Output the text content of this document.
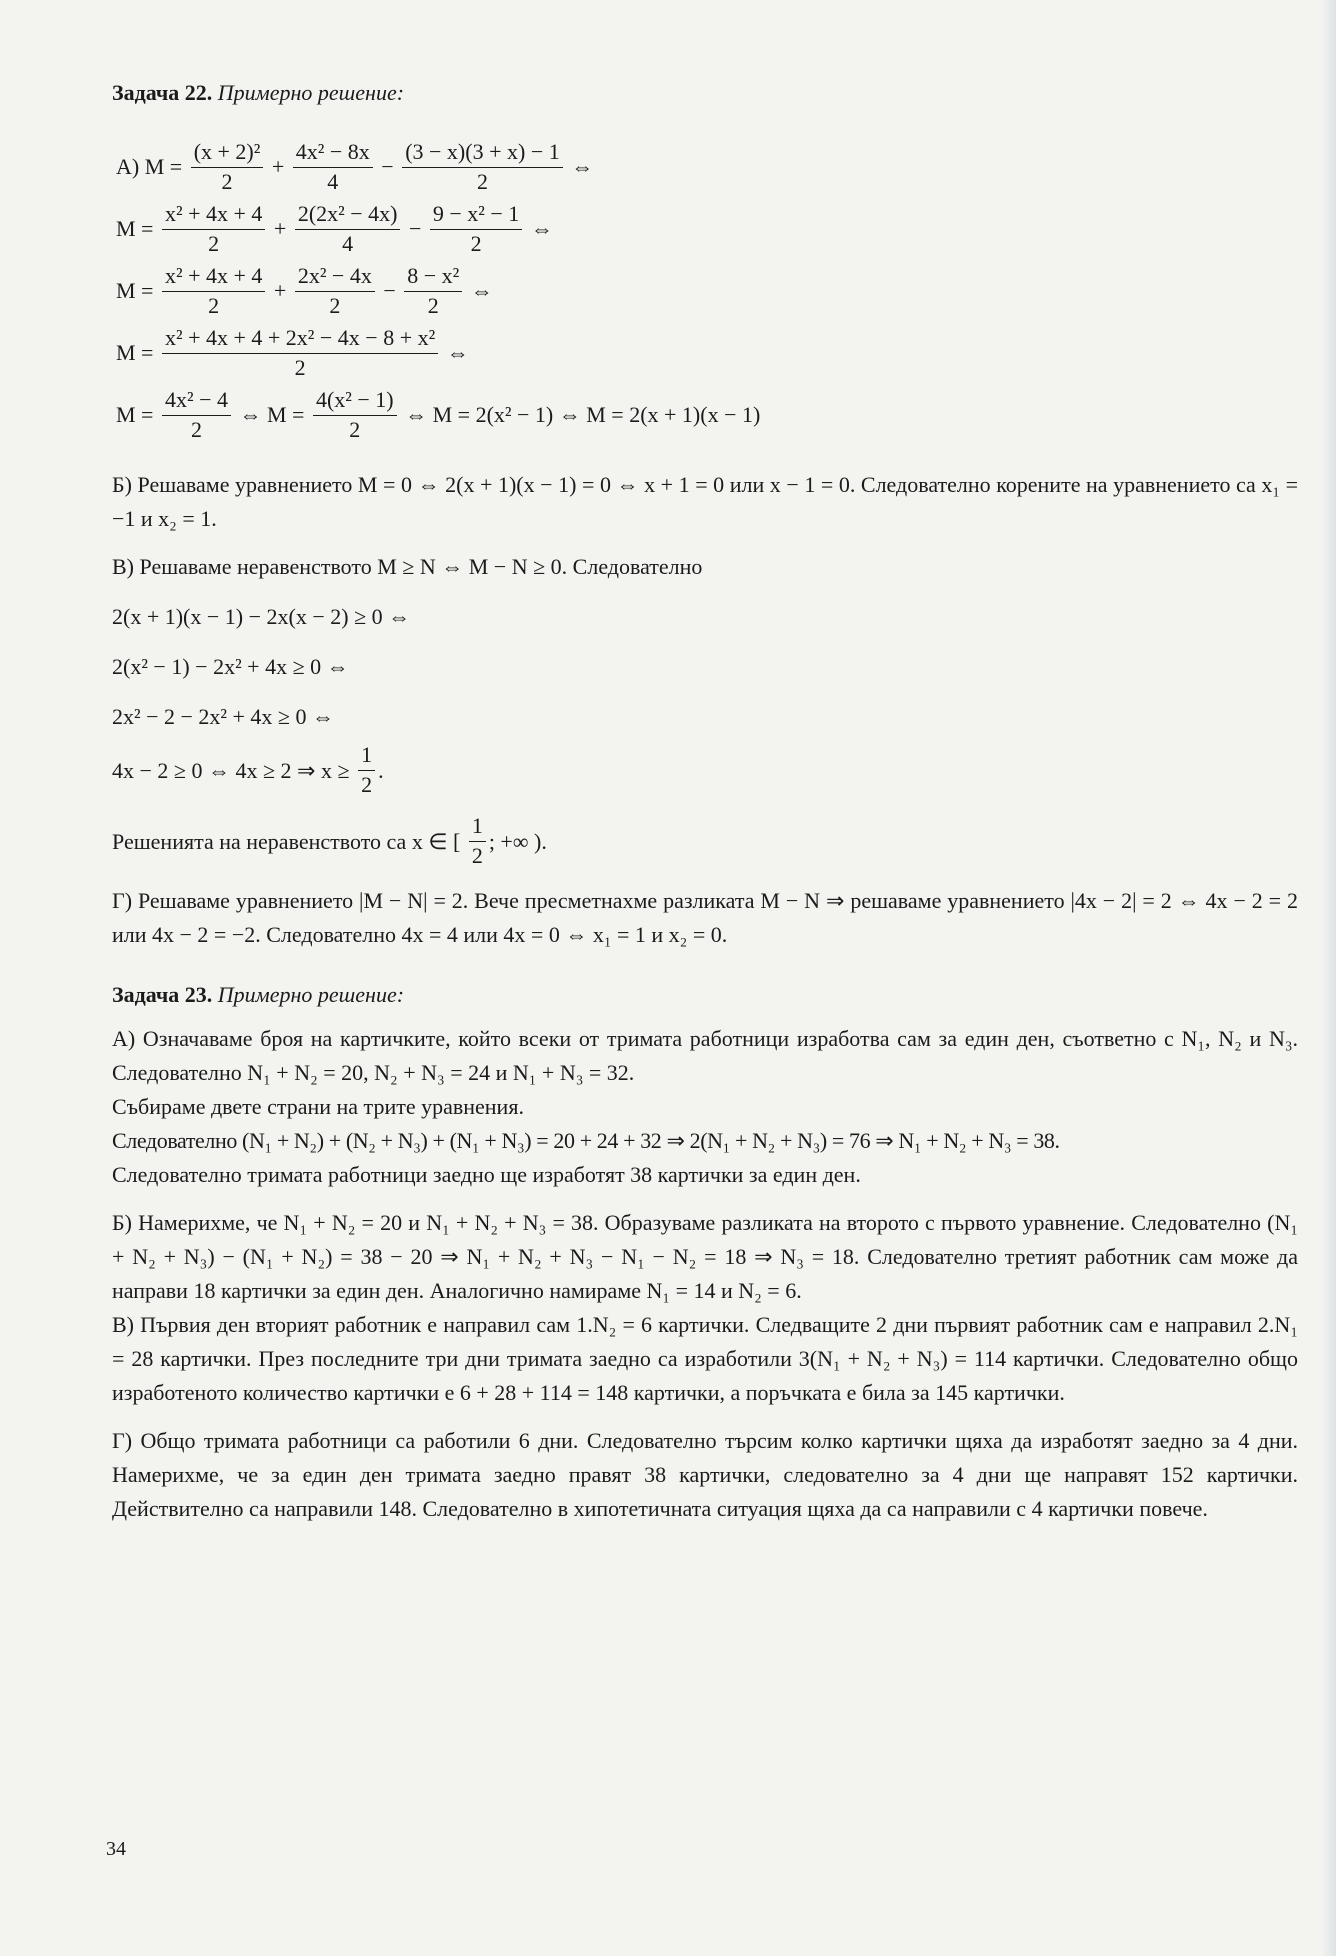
Задача 22. Примерно решение:
А) $M = \frac{\text{(x + 2)²}}{2} + \frac{\text{4x² − 8x}}{4} - \frac{(3 - x)(3 + x) - 1}{2}$ ⇔
$M = \frac{\text{x² + 4x + 4}}{2} + \frac{\text{2(2x² − 4x)}}{4} - \frac{\text{9 − x² − 1}}{2}$ ⇔
$M = \frac{\text{x² + 4x + 4}}{2} + \frac{\text{2x² − 4x}}{2} - \frac{\text{8 − x²}}{2}$ ⇔
$M = \frac{\text{x² + 4x + 4 + 2x² − 4x − 8 + x²}}{2}$ ⇔
$M = \frac{\text{4x² − 4}}{2}$ ⇔ $M = \frac{\text{4(x² − 1)}}{2}$ ⇔ M = 2(x² − 1) ⇔ M = 2(x + 1)(x − 1)

Б) Решаваме уравнението M = 0 ⇔ 2(x + 1)(x − 1) = 0 ⇔ x + 1 = 0 или x − 1 = 0. Следователно корените на уравнението са x₁ = −1 и x₂ = 1.

В) Решаваме неравенството M ≥ N ⇔ M − N ≥ 0. Следователно

2(x + 1)(x − 1) − 2x(x − 2) ≥ 0 ⇔
2(x² − 1) − 2x² + 4x ≥ 0 ⇔
2x² − 2 − 2x² + 4x ≥ 0 ⇔
4x − 2 ≥ 0 ⇔ 4x ≥ 2 ⇒ $x \ge \frac{1}{2}$ .
Решенията на неравенството са x ∈ [ $\frac{1}{2}$ ; +∞ ).

Г) Решаваме уравнението |M − N| = 2. Вече пресметнахме разликата M − N ⇒ решаваме уравнението |4x − 2| = 2 ⇔ 4x − 2 = 2 или 4x − 2 = −2. Следователно 4x = 4 или 4x = 0 ⇔ x₁ = 1 и x₂ = 0.

Задача 23. Примерно решение:

А) Означаваме броя на картичките, който всеки от тримата работници изработва сам за един ден, съответно с N₁, N₂ и N₃. Следователно N₁ + N₂ = 20, N₂ + N₃ = 24 и N₁ + N₃ = 32.

Събираме двете страни на трите уравнения.

Следователно (N₁ + N₂) + (N₂ + N₃) + (N₁ + N₃) = 20 + 24 + 32 ⇒ 2(N₁ + N₂ + N₃) = 76 ⇒ N₁ + N₂ + N₃ = 38.

Следователно тримата работници заедно ще изработят 38 картички за един ден.

Б) Намерихме, че N₁ + N₂ = 20 и N₁ + N₂ + N₃ = 38. Образуваме разликата на второто с първото уравнение. Следователно (N₁ + N₂ + N₃) − (N₁ + N₂) = 38 − 20 ⇒ N₁ + N₂ + N₃ − N₁ − N₂ = 18 ⇒ N₃ = 18. Следователно третият работник сам може да направи 18 картички за един ден. Аналогично намираме N₁ = 14 и N₂ = 6.

В) Първия ден вторият работник е направил сам 1.N₂ = 6 картички. Следващите 2 дни първият работник сам е направил 2.N₁ = 28 картички. През последните три дни тримата заедно са изработили 3(N₁ + N₂ + N₃) = 114 картички. Следователно общо изработеното количество картички е 6 + 28 + 114 = 148 картички, а поръчката е била за 145 картички.

Г) Общо тримата работници са работили 6 дни. Следователно търсим колко картички щяха да изработят заедно за 4 дни. Намерихме, че за един ден тримата заедно правят 38 картички, следователно за 4 дни ще направят 152 картички. Действително са направили 148. Следователно в хипотетичната ситуация щяха да са направили с 4 картички повече.

34
